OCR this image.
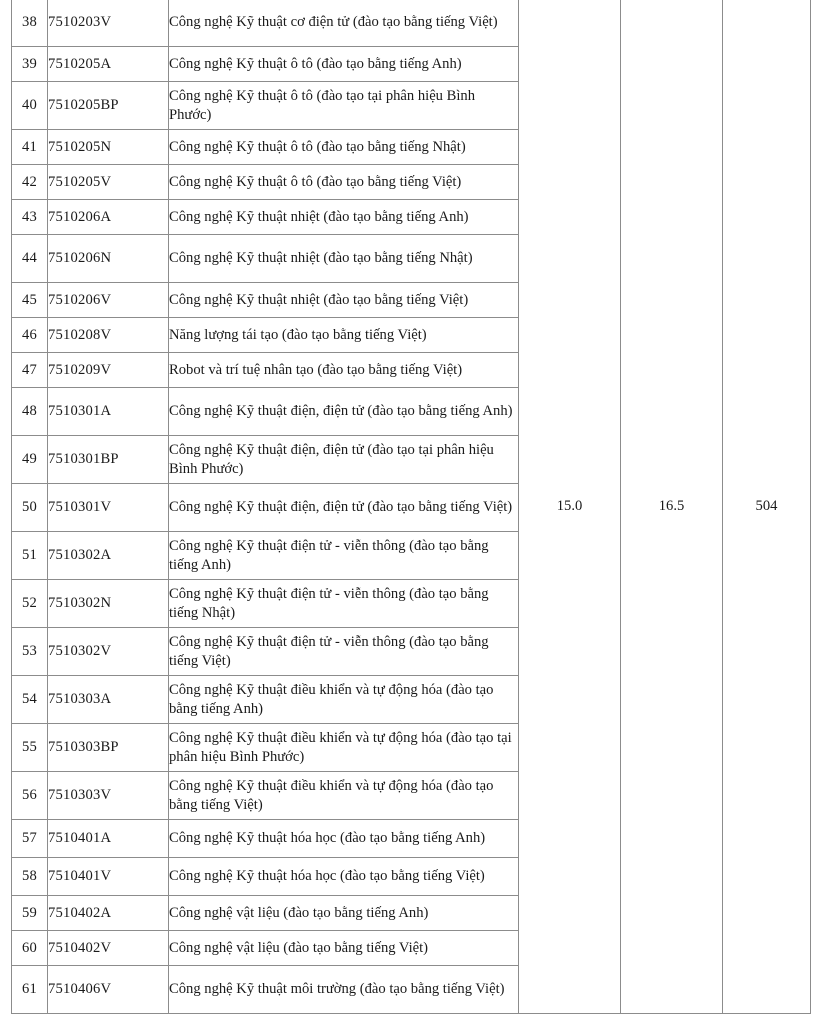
38	7510203V	Công nghệ Kỹ thuật cơ điện tử (đào tạo bằng tiếng Việt)	15.0	16.5	504
39	7510205A	Công nghệ Kỹ thuật ô tô (đào tạo bằng tiếng Anh)			
40	7510205BP	Công nghệ Kỹ thuật ô tô (đào tạo tại phân hiệu Bình Phước)			
41	7510205N	Công nghệ Kỹ thuật ô tô (đào tạo bằng tiếng Nhật)			
42	7510205V	Công nghệ Kỹ thuật ô tô (đào tạo bằng tiếng Việt)			
43	7510206A	Công nghệ Kỹ thuật nhiệt (đào tạo bằng tiếng Anh)			
44	7510206N	Công nghệ Kỹ thuật nhiệt (đào tạo bằng tiếng Nhật)			
45	7510206V	Công nghệ Kỹ thuật nhiệt (đào tạo bằng tiếng Việt)			
46	7510208V	Năng lượng tái tạo (đào tạo bằng tiếng Việt)			
47	7510209V	Robot và trí tuệ nhân tạo (đào tạo bằng tiếng Việt)			
48	7510301A	Công nghệ Kỹ thuật điện, điện tử (đào tạo bằng tiếng Anh)			
49	7510301BP	Công nghệ Kỹ thuật điện, điện tử (đào tạo tại phân hiệu Bình Phước)			
50	7510301V	Công nghệ Kỹ thuật điện, điện tử (đào tạo bằng tiếng Việt)			
51	7510302A	Công nghệ Kỹ thuật điện tử - viễn thông (đào tạo bằng tiếng Anh)			
52	7510302N	Công nghệ Kỹ thuật điện tử - viễn thông (đào tạo bằng tiếng Nhật)			
53	7510302V	Công nghệ Kỹ thuật điện tử - viễn thông (đào tạo bằng tiếng Việt)			
54	7510303A	Công nghệ Kỹ thuật điều khiển và tự động hóa (đào tạo bằng tiếng Anh)			
55	7510303BP	Công nghệ Kỹ thuật điều khiển và tự động hóa (đào tạo tại phân hiệu Bình Phước)			
56	7510303V	Công nghệ Kỹ thuật điều khiển và tự động hóa (đào tạo bằng tiếng Việt)			
57	7510401A	Công nghệ Kỹ thuật hóa học (đào tạo bằng tiếng Anh)			
58	7510401V	Công nghệ Kỹ thuật hóa học (đào tạo bằng tiếng Việt)			
59	7510402A	Công nghệ vật liệu (đào tạo bằng tiếng Anh)			
60	7510402V	Công nghệ vật liệu (đào tạo bằng tiếng Việt)			
61	7510406V	Công nghệ Kỹ thuật môi trường (đào tạo bằng tiếng Việt)			
